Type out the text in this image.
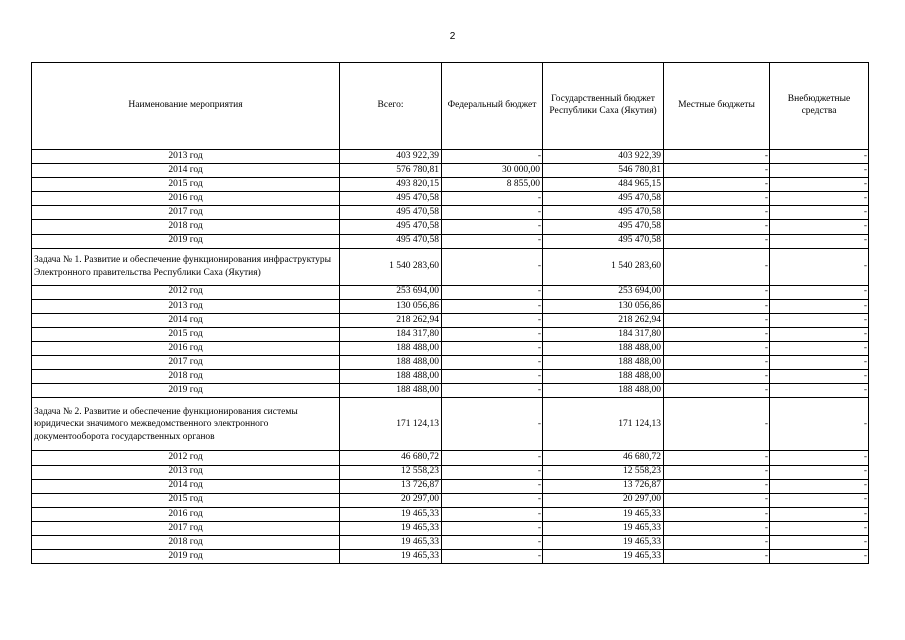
2
Наименование мероприятия	Всего:	Федеральный бюджет	Государственный бюджет Республики Саха (Якутия)	Местные бюджеты	Внебюджетные средства
2013 год	403 922,39	-	403 922,39	-	-
2014 год	576 780,81	30 000,00	546 780,81	-	-
2015 год	493 820,15	8 855,00	484 965,15	-	-
2016 год	495 470,58	-	495 470,58	-	-
2017 год	495 470,58	-	495 470,58	-	-
2018 год	495 470,58	-	495 470,58	-	-
2019 год	495 470,58	-	495 470,58	-	-
Задача № 1. Развитие и обеспечение функционирования инфраструктуры Электронного правительства Республики Саха (Якутия)	1 540 283,60	-	1 540 283,60	-	-
2012 год	253 694,00	-	253 694,00	-	-
2013 год	130 056,86	-	130 056,86	-	-
2014 год	218 262,94	-	218 262,94	-	-
2015 год	184 317,80	-	184 317,80	-	-
2016 год	188 488,00	-	188 488,00	-	-
2017 год	188 488,00	-	188 488,00	-	-
2018 год	188 488,00	-	188 488,00	-	-
2019 год	188 488,00	-	188 488,00	-	-
Задача № 2. Развитие и обеспечение функционирования системы юридически значимого межведомственного электронного документооборота государственных органов	171 124,13	-	171 124,13	-	-
2012 год	46 680,72	-	46 680,72	-	-
2013 год	12 558,23	-	12 558,23	-	-
2014 год	13 726,87	-	13 726,87	-	-
2015 год	20 297,00	-	20 297,00	-	-
2016 год	19 465,33	-	19 465,33	-	-
2017 год	19 465,33	-	19 465,33	-	-
2018 год	19 465,33	-	19 465,33	-	-
2019 год	19 465,33	-	19 465,33	-	-
